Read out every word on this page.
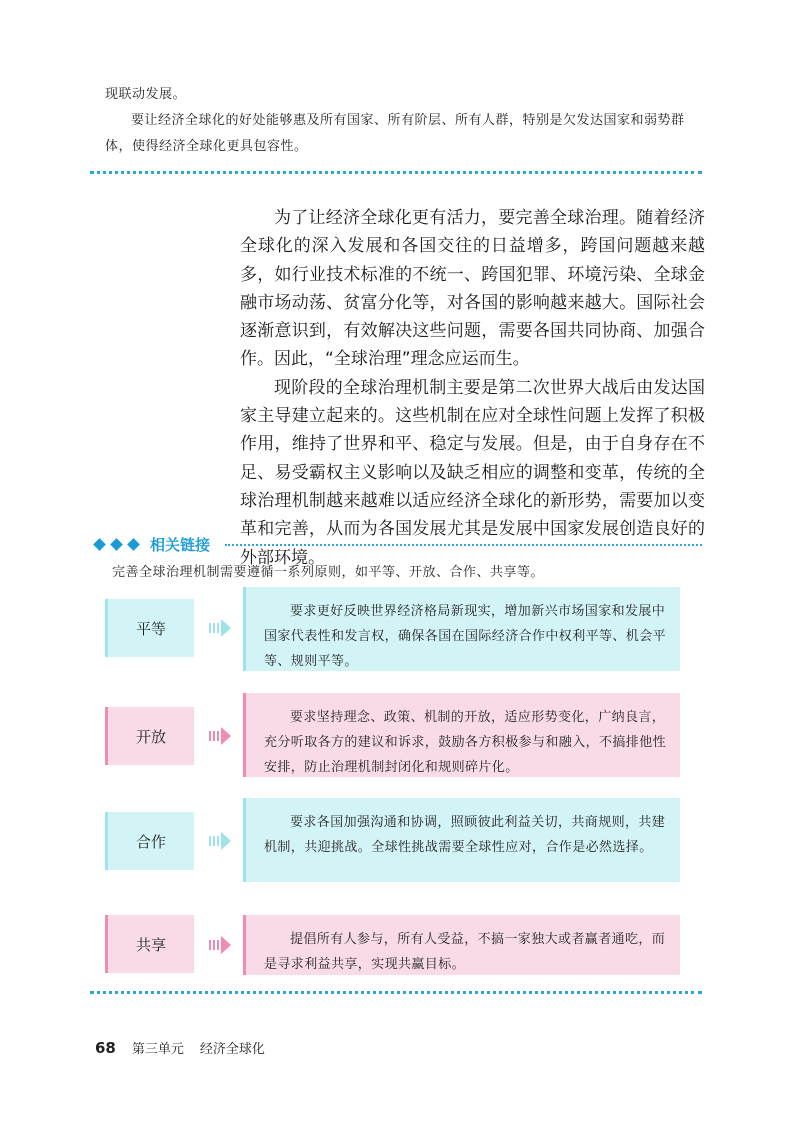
现联动发展。

要让经济全球化的好处能够惠及所有国家、所有阶层、所有人群，特别是欠发达国家和弱势群体，使得经济全球化更具包容性。

为了让经济全球化更有活力，要完善全球治理。随着经济全球化的深入发展和各国交往的日益增多，跨国问题越来越多，如行业技术标准的不统一、跨国犯罪、环境污染、全球金融市场动荡、贫富分化等，对各国的影响越来越大。国际社会逐渐意识到，有效解决这些问题，需要各国共同协商、加强合作。因此，“全球治理”理念应运而生。

现阶段的全球治理机制主要是第二次世界大战后由发达国家主导建立起来的。这些机制在应对全球性问题上发挥了积极作用，维持了世界和平、稳定与发展。但是，由于自身存在不足、易受霸权主义影响以及缺乏相应的调整和变革，传统的全球治理机制越来越难以适应经济全球化的新形势，需要加以变革和完善，从而为各国发展尤其是发展中国家发展创造良好的外部环境。

相关链接
完善全球治理机制需要遵循一系列原则，如平等、开放、合作、共享等。
平等
要求更好反映世界经济格局新现实，增加新兴市场国家和发展中国家代表性和发言权，确保各国在国际经济合作中权利平等、机会平等、规则平等。
开放
要求坚持理念、政策、机制的开放，适应形势变化，广纳良言，充分听取各方的建议和诉求，鼓励各方积极参与和融入，不搞排他性安排，防止治理机制封闭化和规则碎片化。
合作
要求各国加强沟通和协调，照顾彼此利益关切，共商规则，共建机制，共迎挑战。全球性挑战需要全球性应对，合作是必然选择。
共享	提倡所有人参与，所有人受益，不搞一家独大或者赢者通吃，而是寻求利益共享，实现共赢目标。
68 第三单元 经济全球化
